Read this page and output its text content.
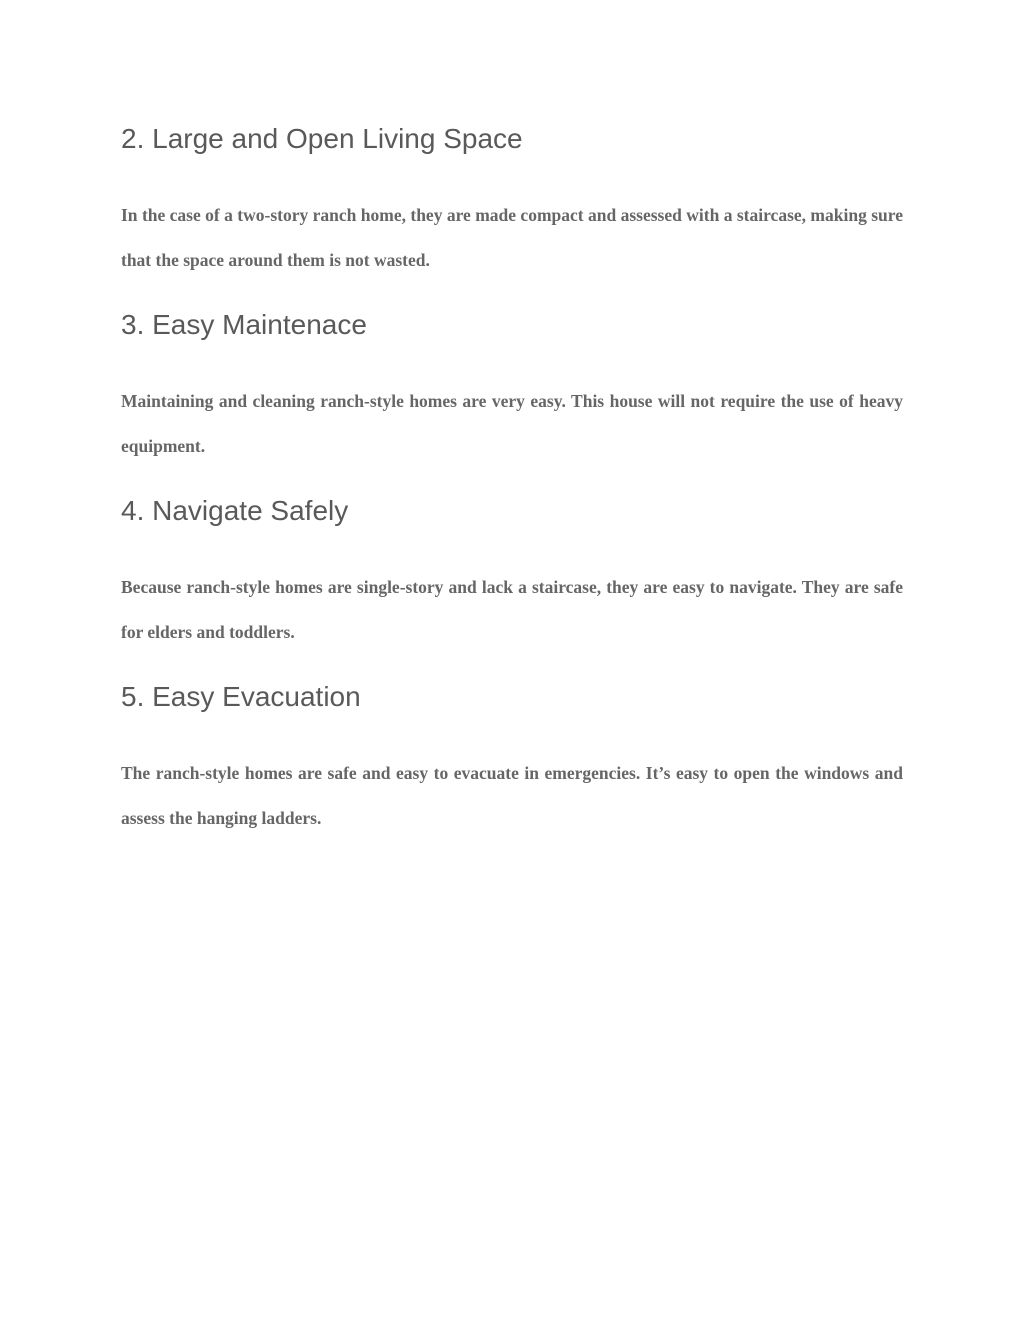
2. Large and Open Living Space

In the case of a two-story ranch home, they are made compact and assessed with a staircase, making sure that the space around them is not wasted.

3. Easy Maintenace

Maintaining and cleaning ranch-style homes are very easy. This house will not require the use of heavy equipment.

4. Navigate Safely

Because ranch-style homes are single-story and lack a staircase, they are easy to navigate. They are safe for elders and toddlers.

5. Easy Evacuation

The ranch-style homes are safe and easy to evacuate in emergencies. It’s easy to open the windows and assess the hanging ladders.
